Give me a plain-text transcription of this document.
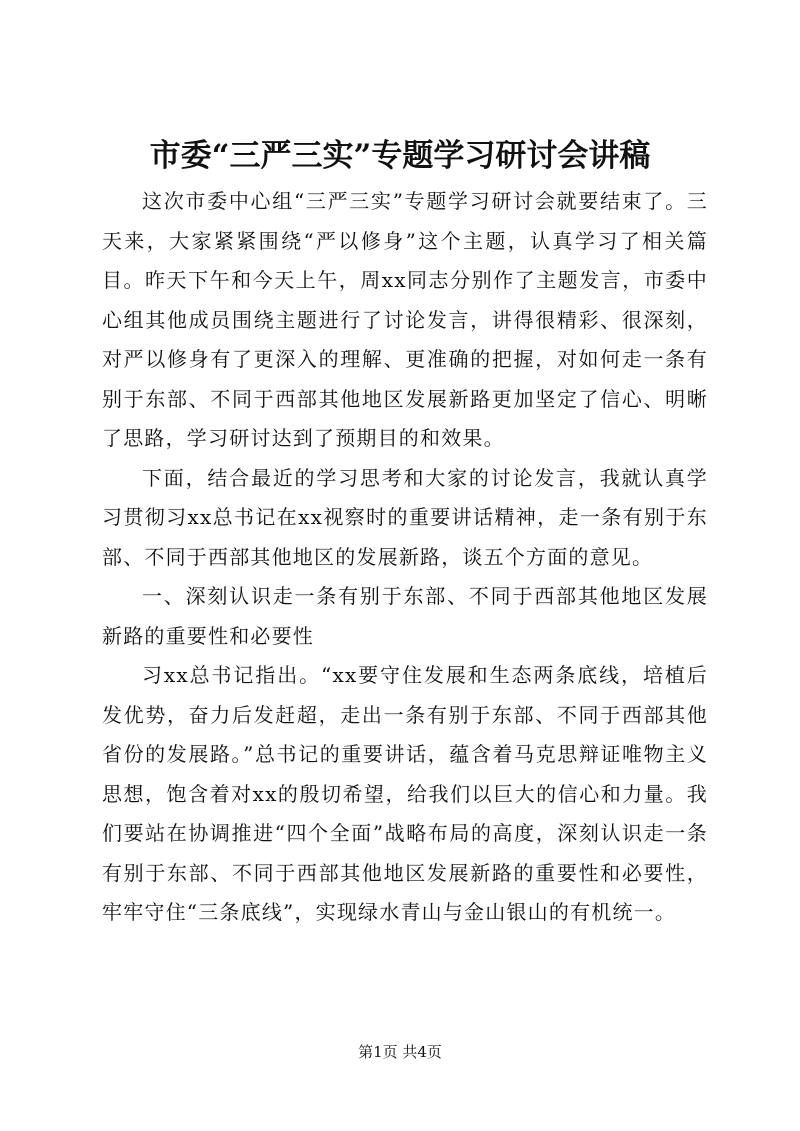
市委“三严三实”专题学习研讨会讲稿

这次市委中心组“三严三实”专题学习研讨会就要结束了。三天来，大家紧紧围绕“严以修身”这个主题，认真学习了相关篇目。昨天下午和今天上午，周xx同志分别作了主题发言，市委中心组其他成员围绕主题进行了讨论发言，讲得很精彩、很深刻，对严以修身有了更深入的理解、更准确的把握，对如何走一条有别于东部、不同于西部其他地区发展新路更加坚定了信心、明晰了思路，学习研讨达到了预期目的和效果。

下面，结合最近的学习思考和大家的讨论发言，我就认真学习贯彻习xx总书记在xx视察时的重要讲话精神，走一条有别于东部、不同于西部其他地区的发展新路，谈五个方面的意见。

一、深刻认识走一条有别于东部、不同于西部其他地区发展新路的重要性和必要性

习xx总书记指出。“xx要守住发展和生态两条底线，培植后发优势，奋力后发赶超，走出一条有别于东部、不同于西部其他省份的发展路。”总书记的重要讲话，蕴含着马克思辩证唯物主义思想，饱含着对xx的殷切希望，给我们以巨大的信心和力量。我们要站在协调推进“四个全面”战略布局的高度，深刻认识走一条有别于东部、不同于西部其他地区发展新路的重要性和必要性，牢牢守住“三条底线”，实现绿水青山与金山银山的有机统一。

第1页 共4页
